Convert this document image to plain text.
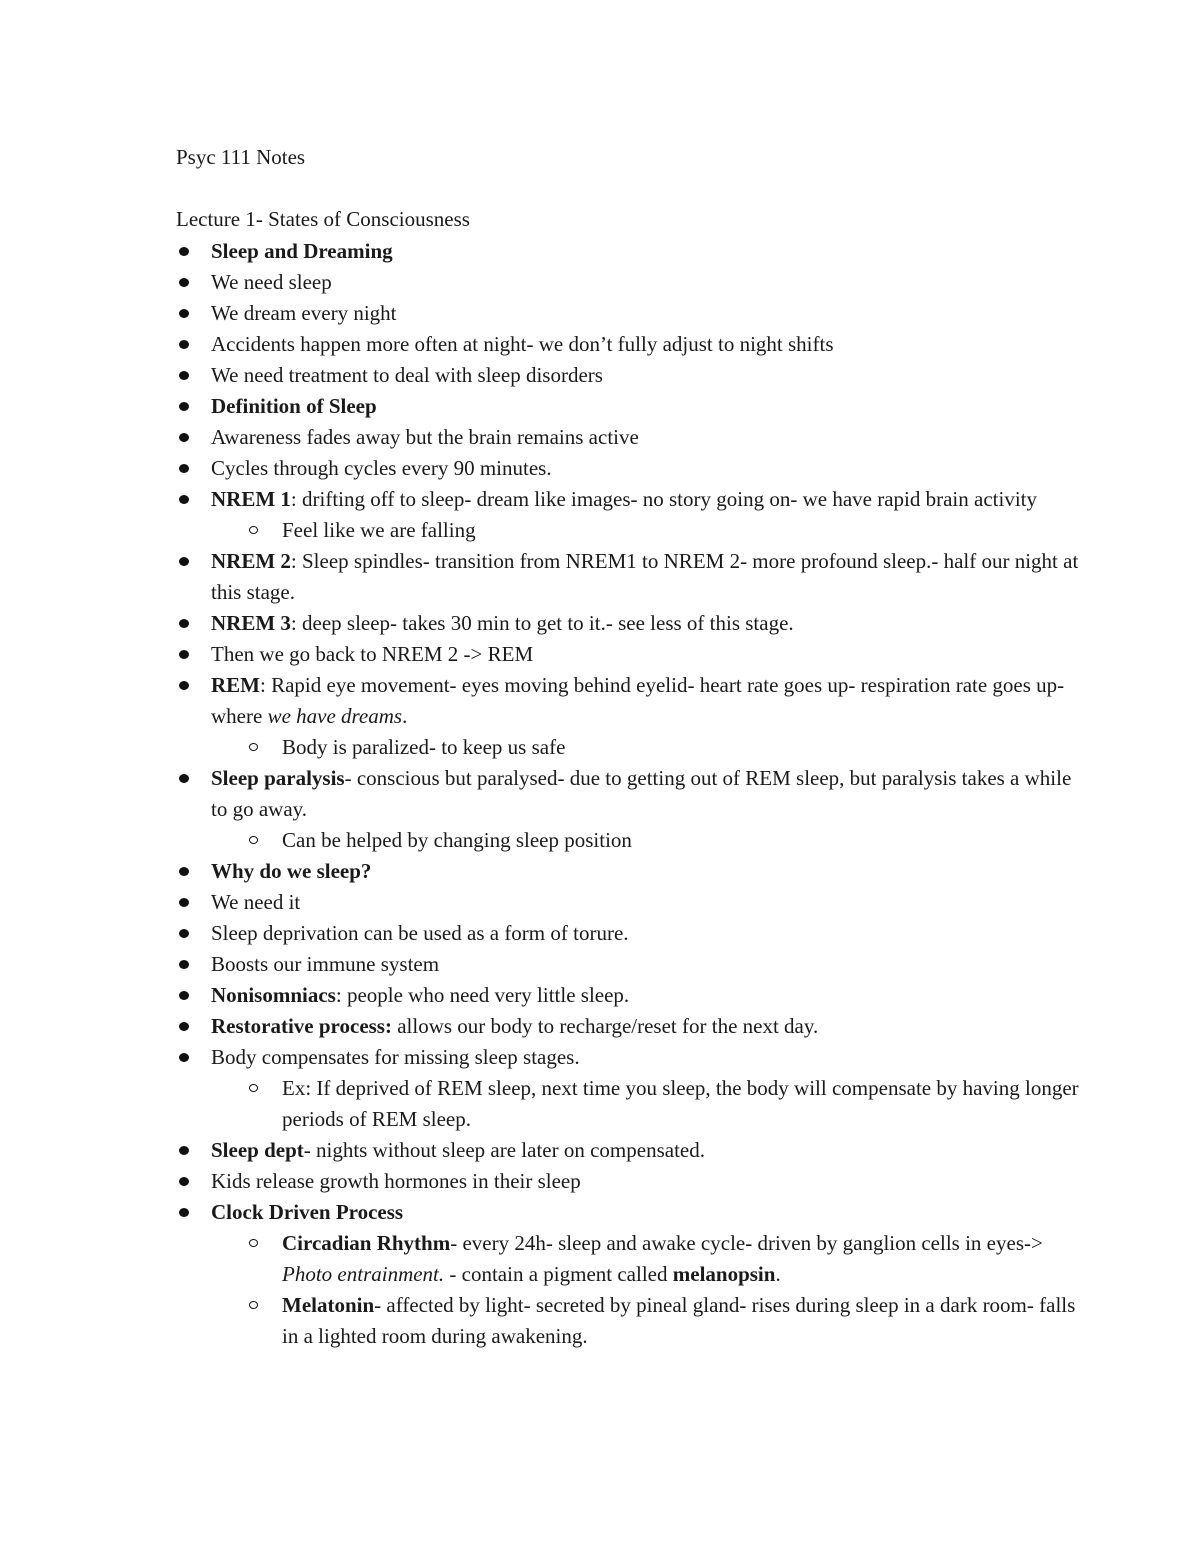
Psyc 111 Notes
Lecture 1- States of Consciousness
Sleep and Dreaming
We need sleep
We dream every night
Accidents happen more often at night- we don’t fully adjust to night shifts
We need treatment to deal with sleep disorders
Definition of Sleep
Awareness fades away but the brain remains active
Cycles through cycles every 90 minutes.
NREM 1: drifting off to sleep- dream like images- no story going on- we have rapid brain activity
Feel like we are falling
NREM 2: Sleep spindles- transition from NREM1 to NREM 2- more profound sleep.- half our night at this stage.
NREM 3: deep sleep- takes 30 min to get to it.- see less of this stage.
Then we go back to NREM 2 -> REM
REM: Rapid eye movement- eyes moving behind eyelid- heart rate goes up- respiration rate goes up- where we have dreams.
Body is paralized- to keep us safe
Sleep paralysis- conscious but paralysed- due to getting out of REM sleep, but paralysis takes a while to go away.
Can be helped by changing sleep position
Why do we sleep?
We need it
Sleep deprivation can be used as a form of torure.
Boosts our immune system
Nonisomniacs: people who need very little sleep.
Restorative process: allows our body to recharge/reset for the next day.
Body compensates for missing sleep stages.
Ex: If deprived of REM sleep, next time you sleep, the body will compensate by having longer periods of REM sleep.
Sleep dept- nights without sleep are later on compensated.
Kids release growth hormones in their sleep
Clock Driven Process
Circadian Rhythm- every 24h- sleep and awake cycle- driven by ganglion cells in eyes-> Photo entrainment. - contain a pigment called melanopsin.
Melatonin- affected by light- secreted by pineal gland- rises during sleep in a dark room- falls in a lighted room during awakening.
